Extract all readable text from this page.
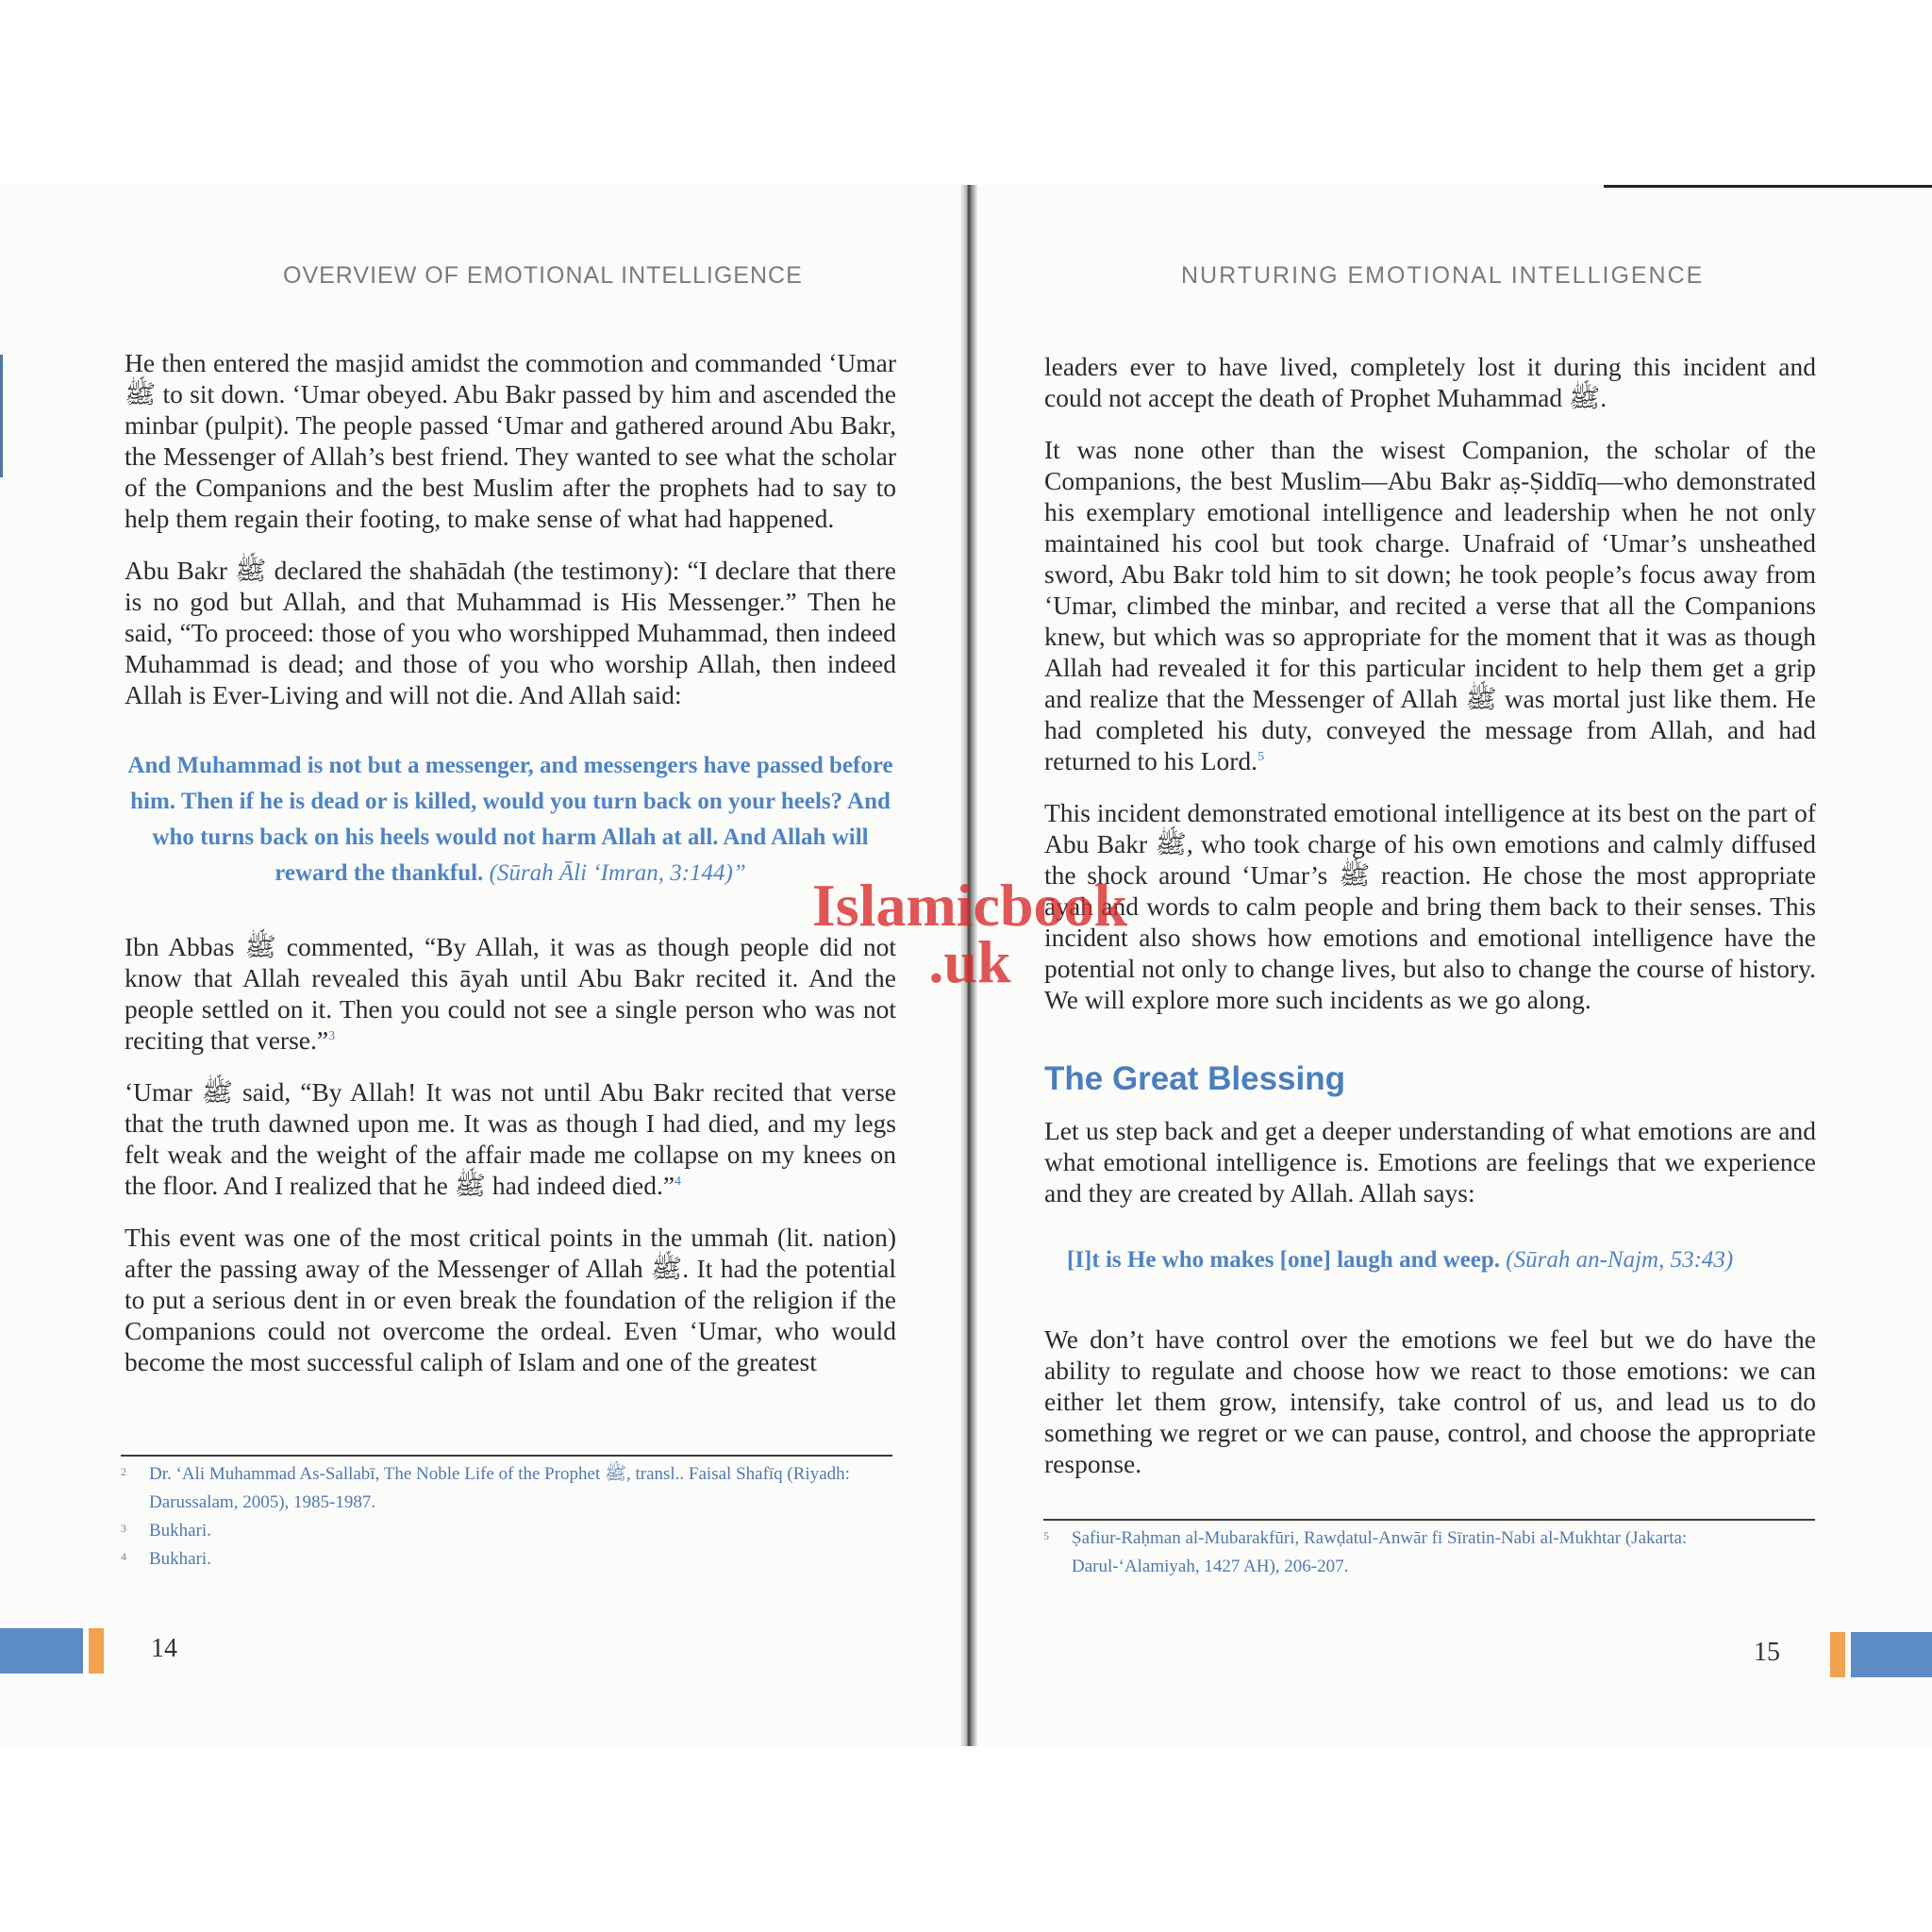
OVERVIEW OF EMOTIONAL INTELLIGENCE

He then entered the masjid amidst the commotion and commanded ‘Umar ﷺ to sit down. ‘Umar obeyed. Abu Bakr passed by him and ascended the minbar (pulpit). The people passed ‘Umar and gathered around Abu Bakr, the Messenger of Allah’s best friend. They wanted to see what the scholar of the Companions and the best Muslim after the prophets had to say to help them regain their footing, to make sense of what had happened.

Abu Bakr ﷺ declared the shahādah (the testimony): “I declare that there is no god but Allah, and that Muhammad is His Messenger.” Then he said, “To proceed: those of you who worshipped Muhammad, then indeed Muhammad is dead; and those of you who worship Allah, then indeed Allah is Ever-Living and will not die. And Allah said:

And Muhammad is not but a messenger, and messengers have passed before him. Then if he is dead or is killed, would you turn back on your heels? And who turns back on his heels would not harm Allah at all. And Allah will reward the thankful. (Sūrah Āli ‘Imran, 3:144)”

Ibn Abbas ﷺ commented, “By Allah, it was as though people did not know that Allah revealed this āyah until Abu Bakr recited it. And the people settled on it. Then you could not see a single person who was not reciting that verse.”$^3$

‘Umar ﷺ said, “By Allah! It was not until Abu Bakr recited that verse that the truth dawned upon me. It was as though I had died, and my legs felt weak and the weight of the affair made me collapse on my knees on the floor. And I realized that he ﷺ had indeed died.”$^4$

This event was one of the most critical points in the ummah (lit. nation) after the passing away of the Messenger of Allah ﷺ. It had the potential to put a serious dent in or even break the foundation of the religion if the Companions could not overcome the ordeal. Even ‘Umar, who would become the most successful caliph of Islam and one of the greatest

2	Dr. ‘Ali Muhammad As-Sallabī, The Noble Life of the Prophet ﷺ, transl.. Faisal Shafīq (Riyadh: Darussalam, 2005), 1985-1987.
3	Bukhari.
4	Bukhari.
14
NURTURING EMOTIONAL INTELLIGENCE

leaders ever to have lived, completely lost it during this incident and could not accept the death of Prophet Muhammad ﷺ.

It was none other than the wisest Companion, the scholar of the Companions, the best Muslim—Abu Bakr aṣ-Ṣiddīq—who demonstrated his exemplary emotional intelligence and leadership when he not only maintained his cool but took charge. Unafraid of ‘Umar’s unsheathed sword, Abu Bakr told him to sit down; he took people’s focus away from ‘Umar, climbed the minbar, and recited a verse that all the Companions knew, but which was so appropriate for the moment that it was as though Allah had revealed it for this particular incident to help them get a grip and realize that the Messenger of Allah ﷺ was mortal just like them. He had completed his duty, conveyed the message from Allah, and had returned to his Lord.$^5$

This incident demonstrated emotional intelligence at its best on the part of Abu Bakr ﷺ, who took charge of his own emotions and calmly diffused the shock around ‘Umar’s ﷺ reaction. He chose the most appropriate āyah and words to calm people and bring them back to their senses. This incident also shows how emotions and emotional intelligence have the potential not only to change lives, but also to change the course of history. We will explore more such incidents as we go along.

The Great Blessing

Let us step back and get a deeper understanding of what emotions are and what emotional intelligence is. Emotions are feelings that we experience and they are created by Allah. Allah says:

[I]t is He who makes [one] laugh and weep. (Sūrah an-Najm, 53:43)

We don’t have control over the emotions we feel but we do have the ability to regulate and choose how we react to those emotions: we can either let them grow, intensify, take control of us, and lead us to do something we regret or we can pause, control, and choose the appropriate response.

5	Ṣafiur-Raḥman al-Mubarakfūri, Rawḍatul-Anwār fi Sīratin-Nabi al-Mukhtar (Jakarta: Darul-‘Alamiyah, 1427 AH), 206-207.
15
Islamicbook
.uk
